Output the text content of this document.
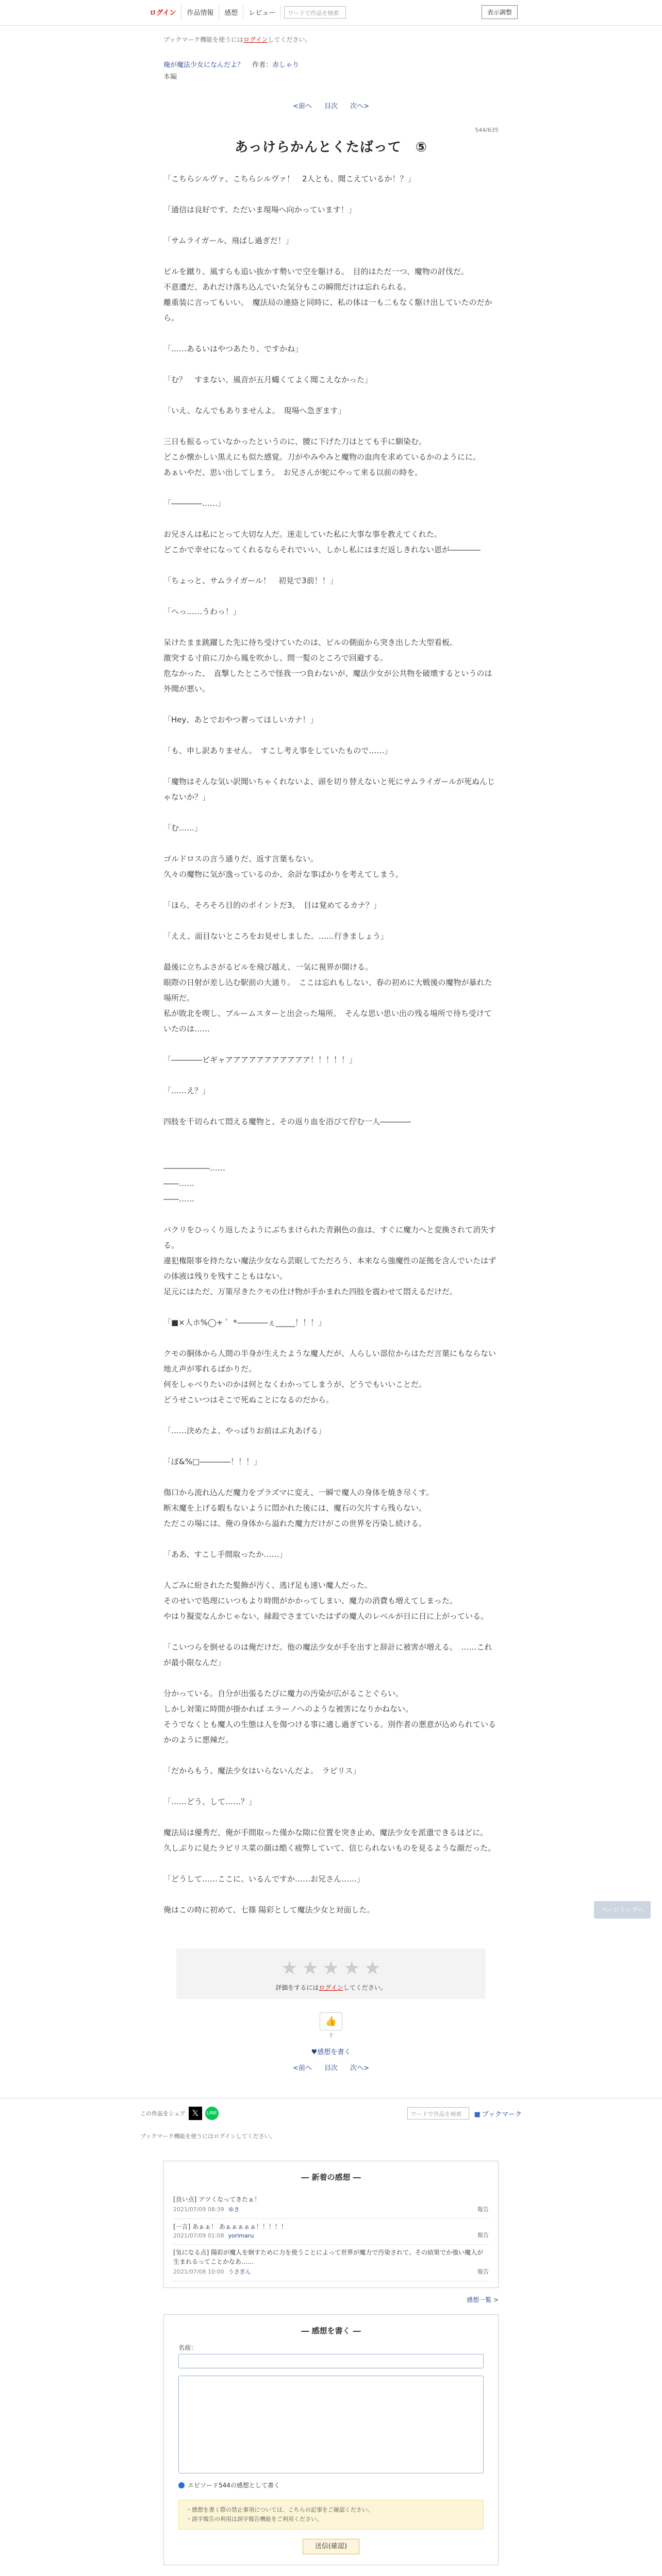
ログイン	作品情報	感想	レビュー	ワードで作品を検索	表示調整
ブックマーク機能を使うにはログインしてください。
俺が魔法少女になんだよ？ 作者：赤しゃり
本編
<前へ 目次 次へ>
544/635
あっけらかんとくたばって　⑤

「こちらシルヴァ、こちらシルヴァ！　2人とも、聞こえているか！？」

「通信は良好です、ただいま現場へ向かっています！」

「サムライガール、飛ばし過ぎだ！」

ビルを蹴り、風すらも追い抜かす勢いで空を駆ける。　目的はただ一つ、魔物の討伐だ。

不意遭だ、あれだけ落ち込んでいた気分もこの瞬間だけは忘れられる。

離重装に言ってもいい。　魔法局の連絡と同時に、私の体は一も二もなく駆け出していたのだから。

「……あるいはやつあたり、ですかね」

「む？　すまない、風音が五月蠅くてよく聞こえなかった」

「いえ、なんでもありませんよ。　現場へ急ぎます」

三日も振るっていなかったというのに、腰に下げた刀はとても手に馴染む。

どこか懐かしい黒えにも似た感覚。刀がやみやみと魔物の血肉を求めているかのようにに。

あぁいやだ、思い出してしまう。　お兄さんが蛇にやって来る以前の時を。

「――――……」

お兄さんは私にとって大切な人だ。迷走していた私に大事な事を教えてくれた。

どこかで幸せになってくれるならそれでいい、しかし私にはまだ返しきれない恩が――――

「ちょっと、サムライガール！　初見で3前！！」

「へっ……うわっ！」

呆けたまま跳躍した先に待ち受けていたのは、ビルの側面から突き出した大型看板。

激突する寸前に刀から鳳を吹かし、間一髪のところで回避する。

危なかった、　直撃したところで怪我一つ負わないが、魔法少女が公共物を破壊するというのは外聞が悪い。

「Hey、あとでおやつ奢ってほしいカナ！」

「も、申し訳ありません。　すこし考え事をしていたもので……」

「魔物はそんな気い訳聞いちゃくれないよ、頭を切り替えないと死にサムライガールが死ぬんじゃないか？」

「む……」

ゴルドロスの言う通りだ、返す言葉もない。

久々の魔物に気が逸っているのか、余計な事ばかりを考えてしまう。

「ほら、そろそろ目的のポイントだ3。　目は覚めてるカナ？」

「ええ、面目ないところをお見せしました。……行きましょう」

最後に立ちふさがるビルを飛び越え、一気に視界が開ける。

眼際の日射が差し込む駅前の大通り。　ここは忘れもしない、春の初めに大戦後の魔物が暴れた場所だ。

私が敗北を喫し、ブルームスターと出会った場所。　そんな思い思い出の残る場所で待ち受けていたのは……

「――――ピギャアアアアアアアアアアア！！！！！」

「……え？」

四肢を千切られて悶える魔物と、その返り血を浴びて佇む一人――――

――――――……

――……

――……

バクリをひっくり返したようにぶちまけられた青銅色の血は、すぐに魔力へと変換されて消失する。

違犯権限事を持たない魔法少女なら芸眠してただろう、本来なら強魔性の証拠を含んでいたはずの体液は残りを残すこともはない。

足元にはただ、万策尽きたクモの仕け物が手かまれた四肢を震わせて悶えるだけだ。

「■×人ホ%◯+ ゜*――――ぇ_____！！！」

クモの胴体から人間の半身が生えたような魔人だが、人らしい部位からはただ言葉にもならない地え声が零れるばかりだ。

何をしゃべりたいのかは何となくわかってしまうが、どうでもいいことだ。

どうせこいつはそこで死ぬことになるのだから。

「……決めたよ、やっぱりお前はぶ丸あげる」

「ぼ&%□――――！！！」

傷口から流れ込んだ魔力をプラズマに変え、一瞬で魔人の身体を焼き尽くす。

断末魔を上げる暇もないように悶かれた後には、魔石の欠片すら残らない。

ただこの場には、俺の身体から溢れた魔力だけがこの世界を汚染し続ける。

「ああ、すこし手間取ったか……」

人ごみに紛されたた髪飾が汚く、逃げ足も速い魔人だった。

そのせいで処理にいつもより時間がかかってしまい、魔力の消費も増えてしまった。

やはり擬変なんかじゃない、縁殺でさまていたはずの魔人のレベルが日に日に上がっている。

「こいつらを倒せるのは俺だけだ。他の魔法少女が手を出すと辞計に被害が増える。　……これが最小限なんだ」

分かっている。自分が出張るたびに魔力の汚染が広がることぐらい。

しかし対策に時間が掛かれば エラーノへのような被害になりかねない。

そうでなくとも魔人の生態は人を傷つける事に適し過ぎている。別作者の悪意が込められているかのように悪辣だ。

「だからもう、魔法少女はいらないんだよ。　ラピリス」

「……どう、して……？」

魔法局は優秀だ、俺が手間取った僅かな隙に位置を突き止め、魔法少女を派遣できるほどに。

久しぶりに見たラピリス菜の顔は酷く疲弊していて、信じられないものを見るような顔だった。

「どうして……ここに、いるんですか……お兄さん……」

俺はこの時に初めて、七篠 陽彩として魔法少女と対面した。

★ ★ ★ ★ ★
評価をするにはログインしてください。
👍
?
♥感想を書く
<前へ 目次 次へ>
ページトップへ
この作品をシェア 𝕏	LINE	ワードで作品を検索
■	ブックマーク
ブックマーク機能を使うにはログインしてください。
― 新着の感想 ―
[良い点] アツくなってきたぁ！
2021/07/09 08:39 ゆき	報告
[一言] あぁぁ！ あぁぁぁぁぁ！！！！！
2021/07/09 01:08 yorimaru	報告
[気になる点] 陽彩が魔人を倒すために力を使うことによって世界が魔力で汚染されて、その結果でか強い魔人が生まれるってことかなあ……
2021/07/08 10:00 うさぎん	報告
感想一覧 >
― 感想を書く ―
名前：
エピソード544の感想として書く
・感想を書く際の禁止事項については、こちらの記事をご確認ください。
・誤字報告の利用は誤字報告機能をご利用ください。
送信(確認)
